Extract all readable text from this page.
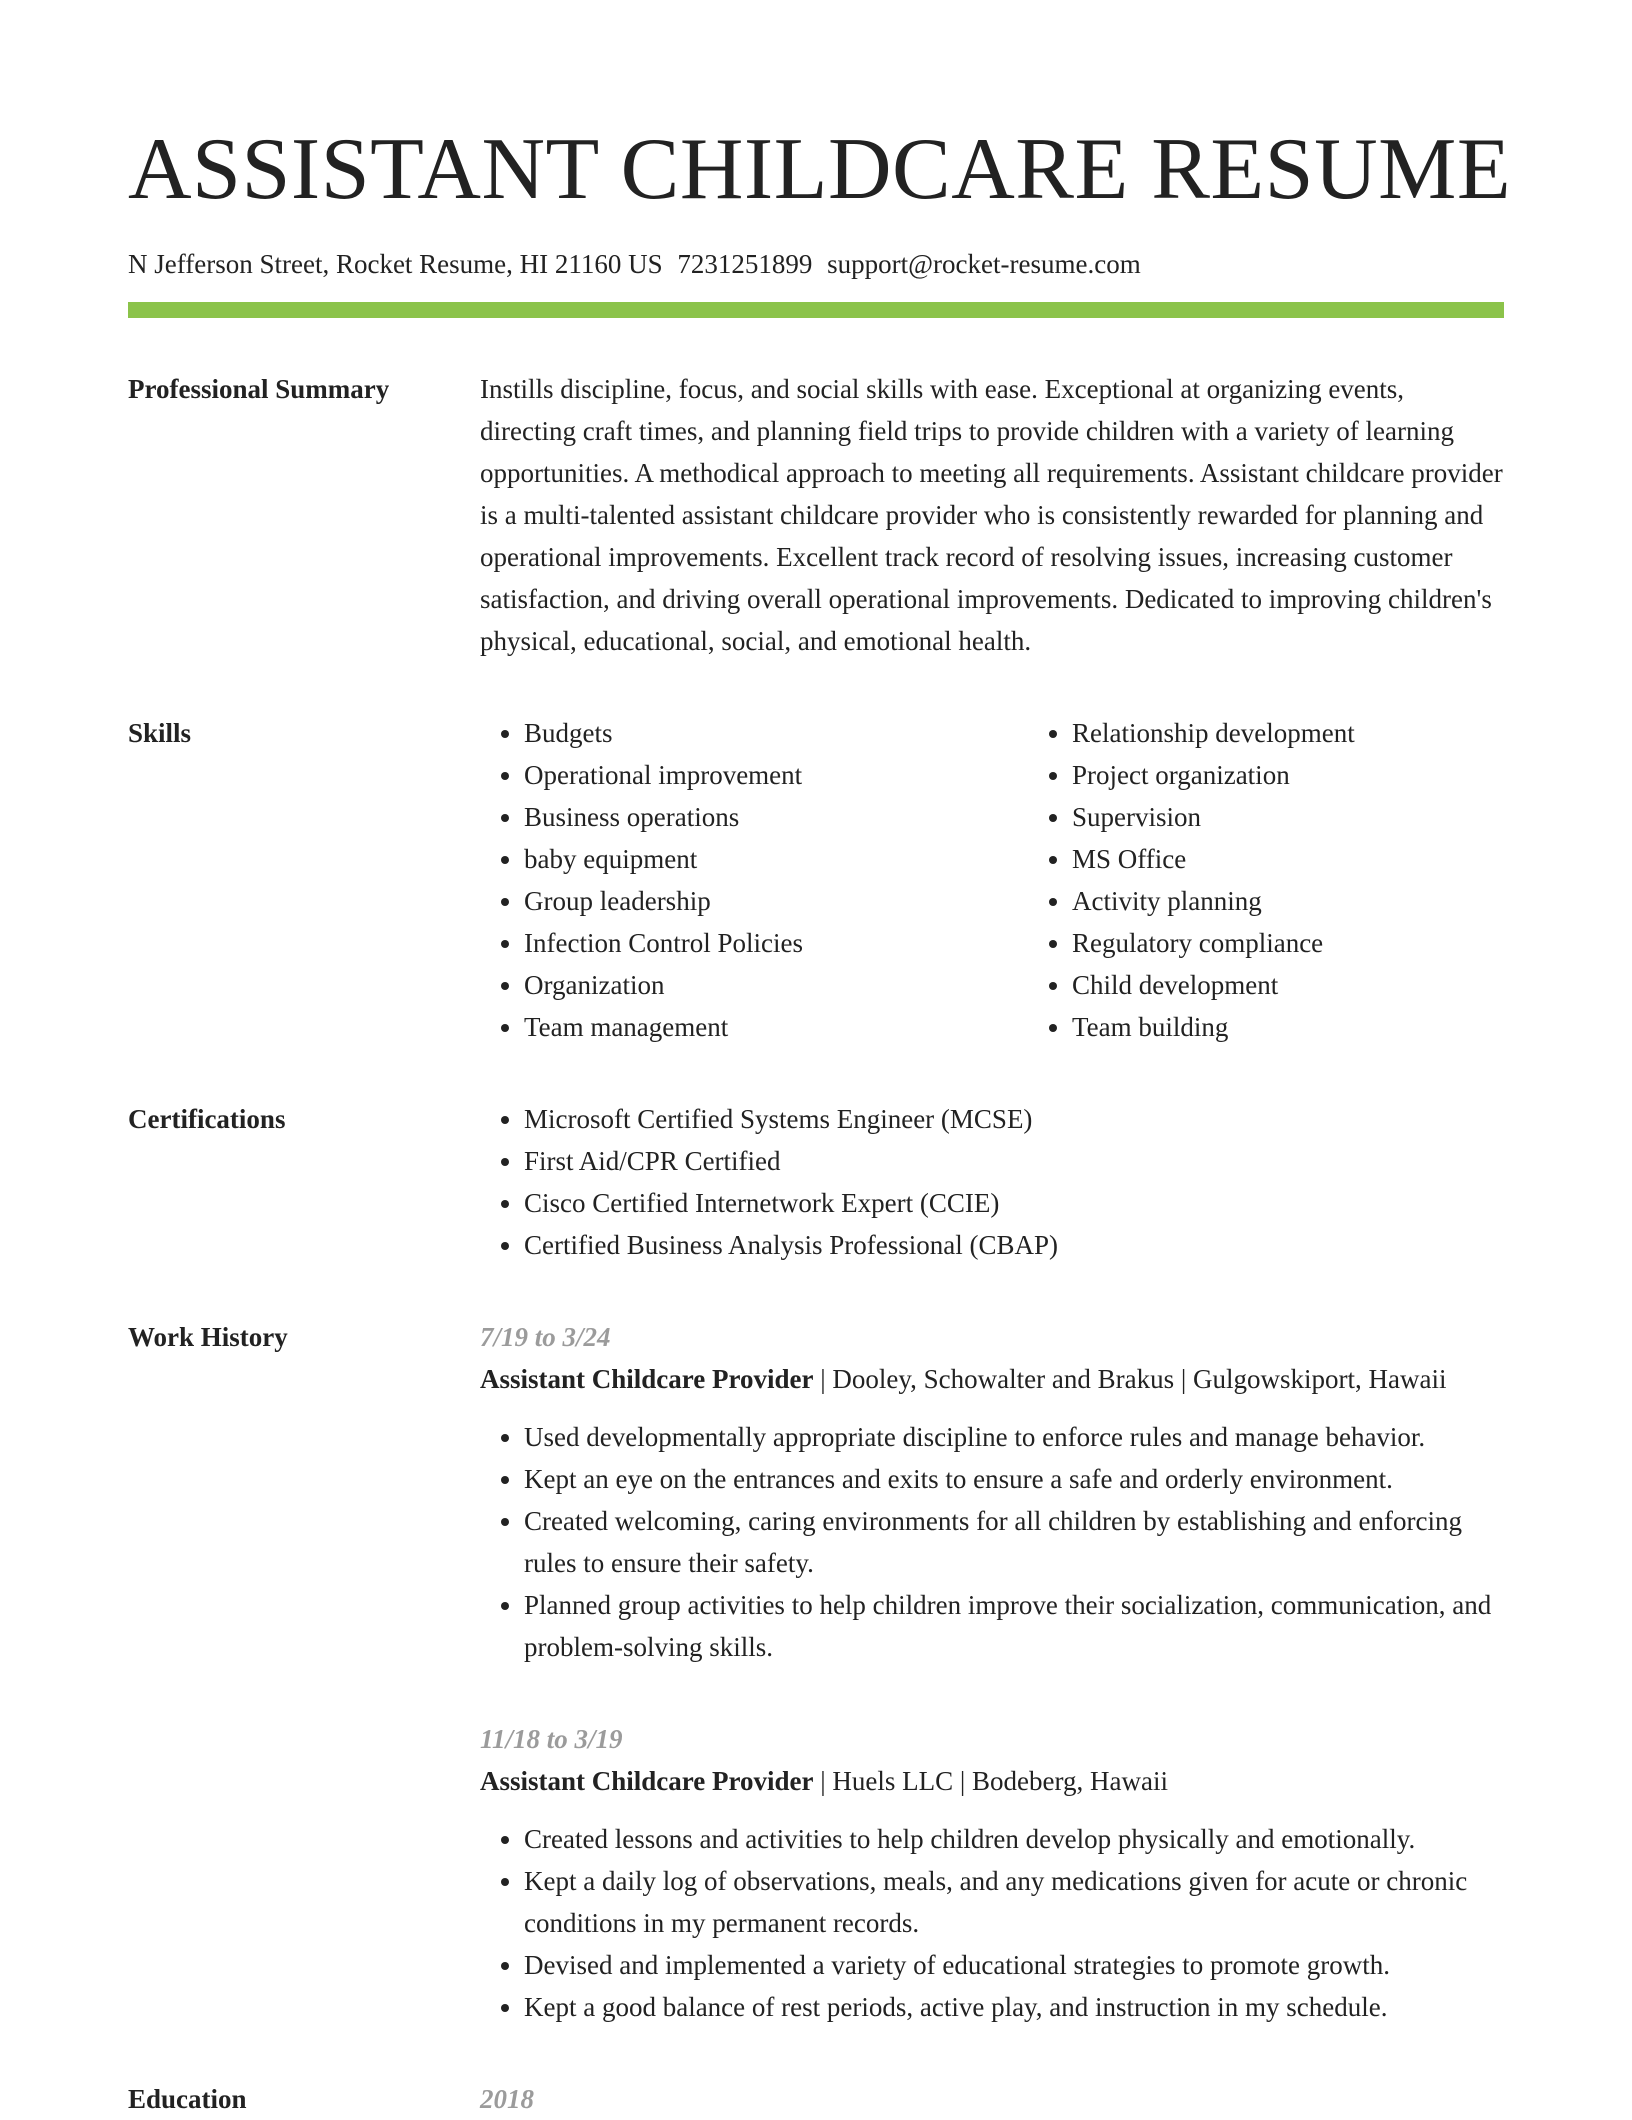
ASSISTANT CHILDCARE RESUME
N Jefferson Street, Rocket Resume, HI 21160 US 7231251899 support@rocket-resume.com
Professional Summary	Instills discipline, focus, and social skills with ease. Exceptional at organizing events, directing craft times, and planning field trips to provide children with a variety of learning opportunities. A methodical approach to meeting all requirements. Assistant childcare provider is a multi-talented assistant childcare provider who is consistently rewarded for planning and operational improvements. Excellent track record of resolving issues, increasing customer satisfaction, and driving overall operational improvements. Dedicated to improving children's physical, educational, social, and emotional health.

Skills	• Budgets
• Operational improvement
• Business operations
• baby equipment
• Group leadership
• Infection Control Policies
• Organization
• Team management
• Relationship development
• Project organization
• Supervision
• MS Office
• Activity planning
• Regulatory compliance
• Child development
• Team building
Certifications	• Microsoft Certified Systems Engineer (MCSE)
• First Aid/CPR Certified
• Cisco Certified Internetwork Expert (CCIE)
• Certified Business Analysis Professional (CBAP)
Work History	7/19 to 3/24
Assistant Childcare Provider | Dooley, Schowalter and Brakus | Gulgowskiport, Hawaii
• Used developmentally appropriate discipline to enforce rules and manage behavior.
• Kept an eye on the entrances and exits to ensure a safe and orderly environment.
• Created welcoming, caring environments for all children by establishing and enforcing rules to ensure their safety.
• Planned group activities to help children improve their socialization, communication, and problem-solving skills.
11/18 to 3/19
Assistant Childcare Provider | Huels LLC | Bodeberg, Hawaii
• Created lessons and activities to help children develop physically and emotionally.
• Kept a daily log of observations, meals, and any medications given for acute or chronic conditions in my permanent records.
• Devised and implemented a variety of educational strategies to promote growth.
• Kept a good balance of rest periods, active play, and instruction in my schedule.
Education	2018
